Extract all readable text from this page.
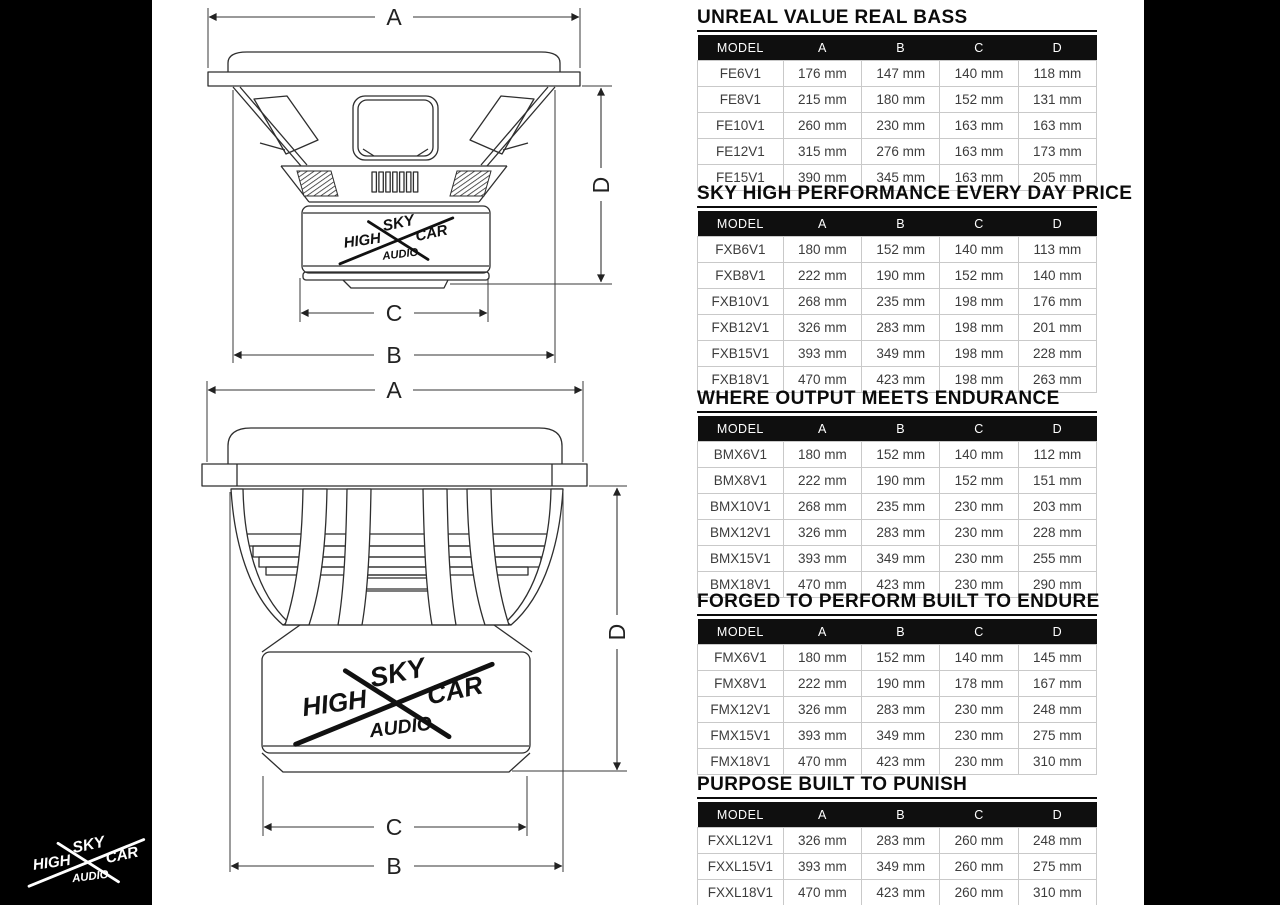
A
SKY
HIGH CAR
AUDIO
D
C
B
A
SKY
HIGH CAR
AUDIO
D
C
B
SKY
HIGH CAR
AUDIO
UNREAL VALUE REAL BASS
MODEL	A	B	C	D
FE6V1	176 mm	147 mm	140 mm	118 mm
FE8V1	215 mm	180 mm	152 mm	131 mm
FE10V1	260 mm	230 mm	163 mm	163 mm
FE12V1	315 mm	276 mm	163 mm	173 mm
FE15V1	390 mm	345 mm	163 mm	205 mm
SKY HIGH PERFORMANCE EVERY DAY PRICE
MODEL	A	B	C	D
FXB6V1	180 mm	152 mm	140 mm	113 mm
FXB8V1	222 mm	190 mm	152 mm	140 mm
FXB10V1	268 mm	235 mm	198 mm	176 mm
FXB12V1	326 mm	283 mm	198 mm	201 mm
FXB15V1	393 mm	349 mm	198 mm	228 mm
FXB18V1	470 mm	423 mm	198 mm	263 mm
WHERE OUTPUT MEETS ENDURANCE
MODEL	A	B	C	D
BMX6V1	180 mm	152 mm	140 mm	112 mm
BMX8V1	222 mm	190 mm	152 mm	151 mm
BMX10V1	268 mm	235 mm	230 mm	203 mm
BMX12V1	326 mm	283 mm	230 mm	228 mm
BMX15V1	393 mm	349 mm	230 mm	255 mm
BMX18V1	470 mm	423 mm	230 mm	290 mm
FORGED TO PERFORM BUILT TO ENDURE
MODEL	A	B	C	D
FMX6V1	180 mm	152 mm	140 mm	145 mm
FMX8V1	222 mm	190 mm	178 mm	167 mm
FMX12V1	326 mm	283 mm	230 mm	248 mm
FMX15V1	393 mm	349 mm	230 mm	275 mm
FMX18V1	470 mm	423 mm	230 mm	310 mm
PURPOSE BUILT TO PUNISH
MODEL	A	B	C	D
FXXL12V1	326 mm	283 mm	260 mm	248 mm
FXXL15V1	393 mm	349 mm	260 mm	275 mm
FXXL18V1	470 mm	423 mm	260 mm	310 mm
